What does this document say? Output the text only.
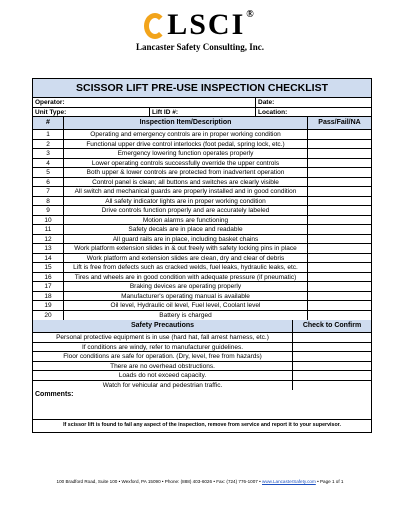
LSCI ®
Lancaster Safety Consulting, Inc.
SCISSOR LIFT PRE-USE INSPECTION CHECKLIST
Operator:	Date:
Unit Type:	Lift ID #:	Location:
#	Inspection Item/Description	Pass/Fail/NA
1	Operating and emergency controls are in proper working condition
2	Functional upper drive control interlocks (foot pedal, spring lock, etc.)
3	Emergency lowering function operates properly
4	Lower operating controls successfully override the upper controls
5	Both upper & lower controls are protected from inadvertent operation
6	Control panel is clean; all buttons and switches are clearly visible
7	All switch and mechanical guards are properly installed and in good condition
8	All safety indicator lights are in proper working condition
9	Drive controls function properly and are accurately labeled
10	Motion alarms are functioning
11	Safety decals are in place and readable
12	All guard rails are in place, including basket chains
13	Work platform extension slides in & out freely with safety locking pins in place
14	Work platform and extension slides are clean, dry and clear of debris
15	Lift is free from defects such as cracked welds, fuel leaks, hydraulic leaks, etc.
16	Tires and wheels are in good condition with adequate pressure (if pneumatic)
17	Braking devices are operating properly
18	Manufacturer's operating manual is available
19	Oil level, Hydraulic oil level, Fuel level, Coolant level
20	Battery is charged
Safety Precautions	Check to Confirm
Personal protective equipment is in use (hard hat, fall arrest harness, etc.)
If conditions are windy, refer to manufacturer guidelines.
Floor conditions are safe for operation. (Dry, level, free from hazards)
There are no overhead obstructions.
Loads do not exceed capacity.
Watch for vehicular and pedestrian traffic.
Comments:
If scissor lift is found to fail any aspect of the inspection, remove from service and report it to your supervisor.
100 Bradford Road, Suite 100 • Wexford, PA 15090 • Phone: (888) 403-6026 • Fax: (724) 776-1007 • www.LancasterSafety.com • Page 1 of 1
